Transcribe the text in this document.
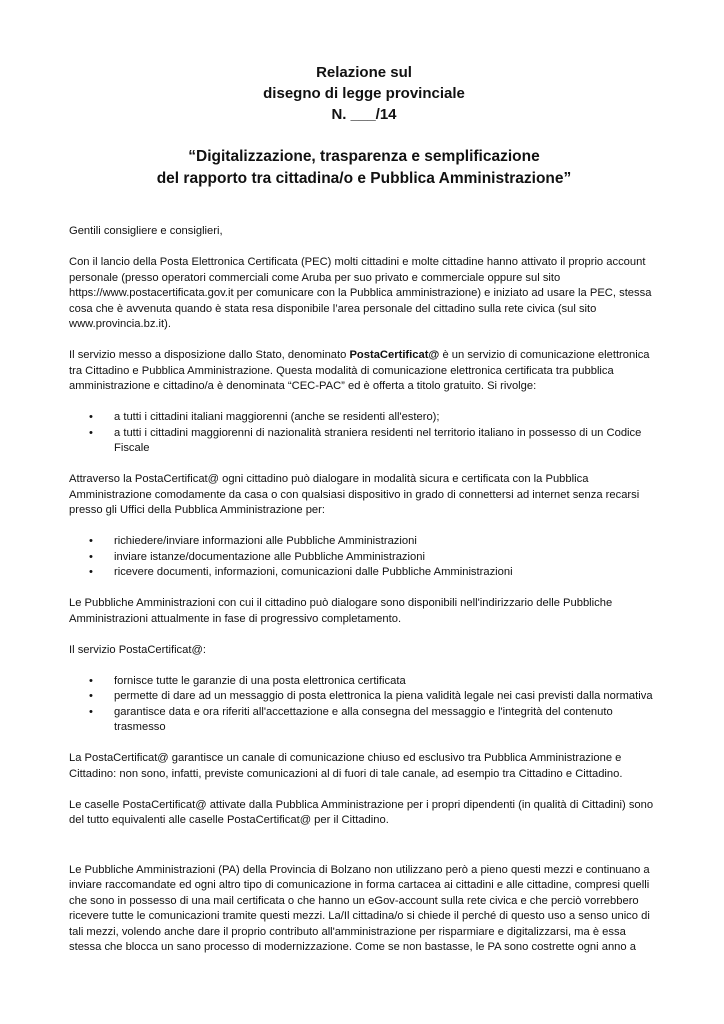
Relazione sul
disegno di legge provinciale
N. ___/14
“Digitalizzazione, trasparenza e semplificazione
del rapporto tra cittadina/o e Pubblica Amministrazione”

Gentili consigliere e consiglieri,

Con il lancio della Posta Elettronica Certificata (PEC) molti cittadini e molte cittadine hanno attivato il proprio account personale (presso operatori commerciali come Aruba per suo privato e commerciale oppure sul sito https://www.postacertificata.gov.it per comunicare con la Pubblica amministrazione) e iniziato ad usare la PEC, stessa cosa che è avvenuta quando è stata resa disponibile l’area personale del cittadino sulla rete civica (sul sito www.provincia.bz.it).

Il servizio messo a disposizione dallo Stato, denominato PostaCertificat@ è un servizio di comunicazione elettronica tra Cittadino e Pubblica Amministrazione. Questa modalità di comunicazione elettronica certificata tra pubblica amministrazione e cittadino/a è denominata “CEC-PAC” ed è offerta a titolo gratuito. Si rivolge:

• a tutti i cittadini italiani maggiorenni (anche se residenti all'estero);
• a tutti i cittadini maggiorenni di nazionalità straniera residenti nel territorio italiano in possesso di un Codice Fiscale

Attraverso la PostaCertificat@ ogni cittadino può dialogare in modalità sicura e certificata con la Pubblica Amministrazione comodamente da casa o con qualsiasi dispositivo in grado di connettersi ad internet senza recarsi presso gli Uffici della Pubblica Amministrazione per:

• richiedere/inviare informazioni alle Pubbliche Amministrazioni
• inviare istanze/documentazione alle Pubbliche Amministrazioni
• ricevere documenti, informazioni, comunicazioni dalle Pubbliche Amministrazioni

Le Pubbliche Amministrazioni con cui il cittadino può dialogare sono disponibili nell'indirizzario delle Pubbliche Amministrazioni attualmente in fase di progressivo completamento.

Il servizio PostaCertificat@:

• fornisce tutte le garanzie di una posta elettronica certificata
• permette di dare ad un messaggio di posta elettronica la piena validità legale nei casi previsti dalla normativa
• garantisce data e ora riferiti all'accettazione e alla consegna del messaggio e l'integrità del contenuto trasmesso

La PostaCertificat@ garantisce un canale di comunicazione chiuso ed esclusivo tra Pubblica Amministrazione e Cittadino: non sono, infatti, previste comunicazioni al di fuori di tale canale, ad esempio tra Cittadino e Cittadino.

Le caselle PostaCertificat@ attivate dalla Pubblica Amministrazione per i propri dipendenti (in qualità di Cittadini) sono del tutto equivalenti alle caselle PostaCertificat@ per il Cittadino.

Le Pubbliche Amministrazioni (PA) della Provincia di Bolzano non utilizzano però a pieno questi mezzi e continuano a inviare raccomandate ed ogni altro tipo di comunicazione in forma cartacea ai cittadini e alle cittadine, compresi quelli che sono in possesso di una mail certificata o che hanno un eGov-account sulla rete civica e che perciò vorrebbero ricevere tutte le comunicazioni tramite questi mezzi. La/Il cittadina/o si chiede il perché di questo uso a senso unico di tali mezzi, volendo anche dare il proprio contributo all'amministrazione per risparmiare e digitalizzarsi, ma è essa stessa che blocca un sano processo di modernizzazione. Come se non bastasse, le PA sono costrette ogni anno a
